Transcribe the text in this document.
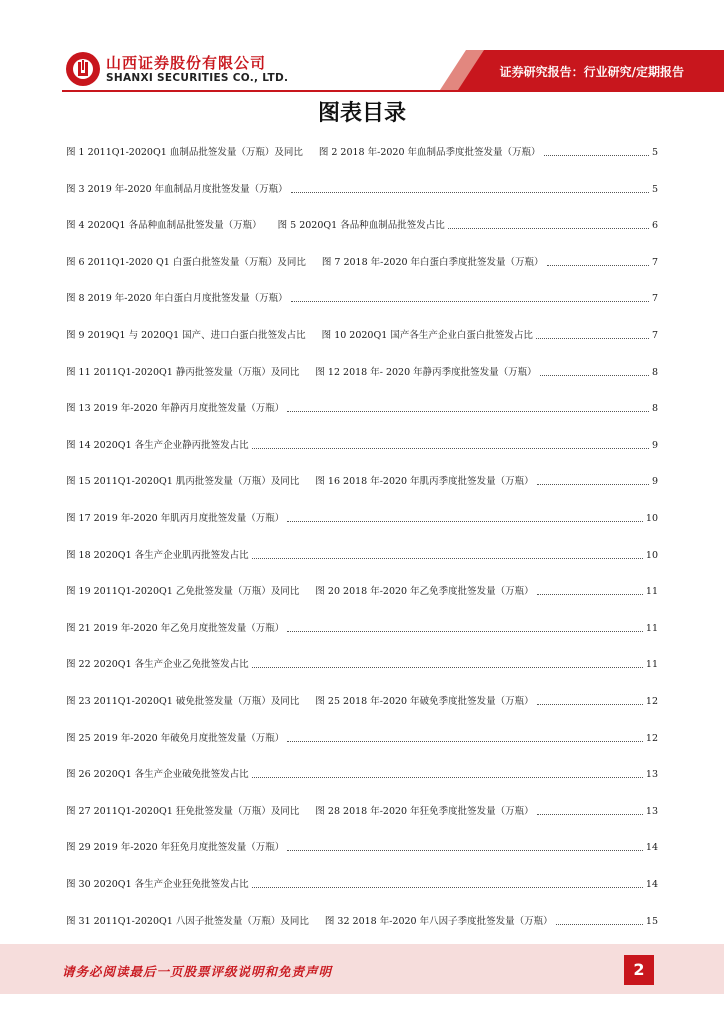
山西证券股份有限公司
SHANXI SECURITIES CO., LTD.	证券研究报告：行业研究/定期报告
图表目录
图 1 2011Q1-2020Q1 血制品批签发量（万瓶）及同比 图 2 2018 年-2020 年血制品季度批签发量（万瓶）	5
图 3 2019 年-2020 年血制品月度批签发量（万瓶）	5
图 4 2020Q1 各品种血制品批签发量（万瓶） 图 5 2020Q1 各品种血制品批签发占比	6
图 6 2011Q1-2020 Q1 白蛋白批签发量（万瓶）及同比 图 7 2018 年-2020 年白蛋白季度批签发量（万瓶）	7
图 8 2019 年-2020 年白蛋白月度批签发量（万瓶）	7
图 9 2019Q1 与 2020Q1 国产、进口白蛋白批签发占比 图 10 2020Q1 国产各生产企业白蛋白批签发占比	7
图 11 2011Q1-2020Q1 静丙批签发量（万瓶）及同比 图 12 2018 年- 2020 年静丙季度批签发量（万瓶）	8
图 13 2019 年-2020 年静丙月度批签发量（万瓶）	8
图 14 2020Q1 各生产企业静丙批签发占比	9
图 15 2011Q1-2020Q1 肌丙批签发量（万瓶）及同比 图 16 2018 年-2020 年肌丙季度批签发量（万瓶）	9
图 17 2019 年-2020 年肌丙月度批签发量（万瓶）	10
图 18 2020Q1 各生产企业肌丙批签发占比	10
图 19 2011Q1-2020Q1 乙免批签发量（万瓶）及同比 图 20 2018 年-2020 年乙免季度批签发量（万瓶）	11
图 21 2019 年-2020 年乙免月度批签发量（万瓶）	11
图 22 2020Q1 各生产企业乙免批签发占比	11
图 23 2011Q1-2020Q1 破免批签发量（万瓶）及同比 图 25 2018 年-2020 年破免季度批签发量（万瓶）	12
图 25 2019 年-2020 年破免月度批签发量（万瓶）	12
图 26 2020Q1 各生产企业破免批签发占比	13
图 27 2011Q1-2020Q1 狂免批签发量（万瓶）及同比 图 28 2018 年-2020 年狂免季度批签发量（万瓶）	13
图 29 2019 年-2020 年狂免月度批签发量（万瓶）	14
图 30 2020Q1 各生产企业狂免批签发占比	14
图 31 2011Q1-2020Q1 八因子批签发量（万瓶）及同比 图 32 2018 年-2020 年八因子季度批签发量（万瓶）	15
请务必阅读最后一页股票评级说明和免责声明	2
